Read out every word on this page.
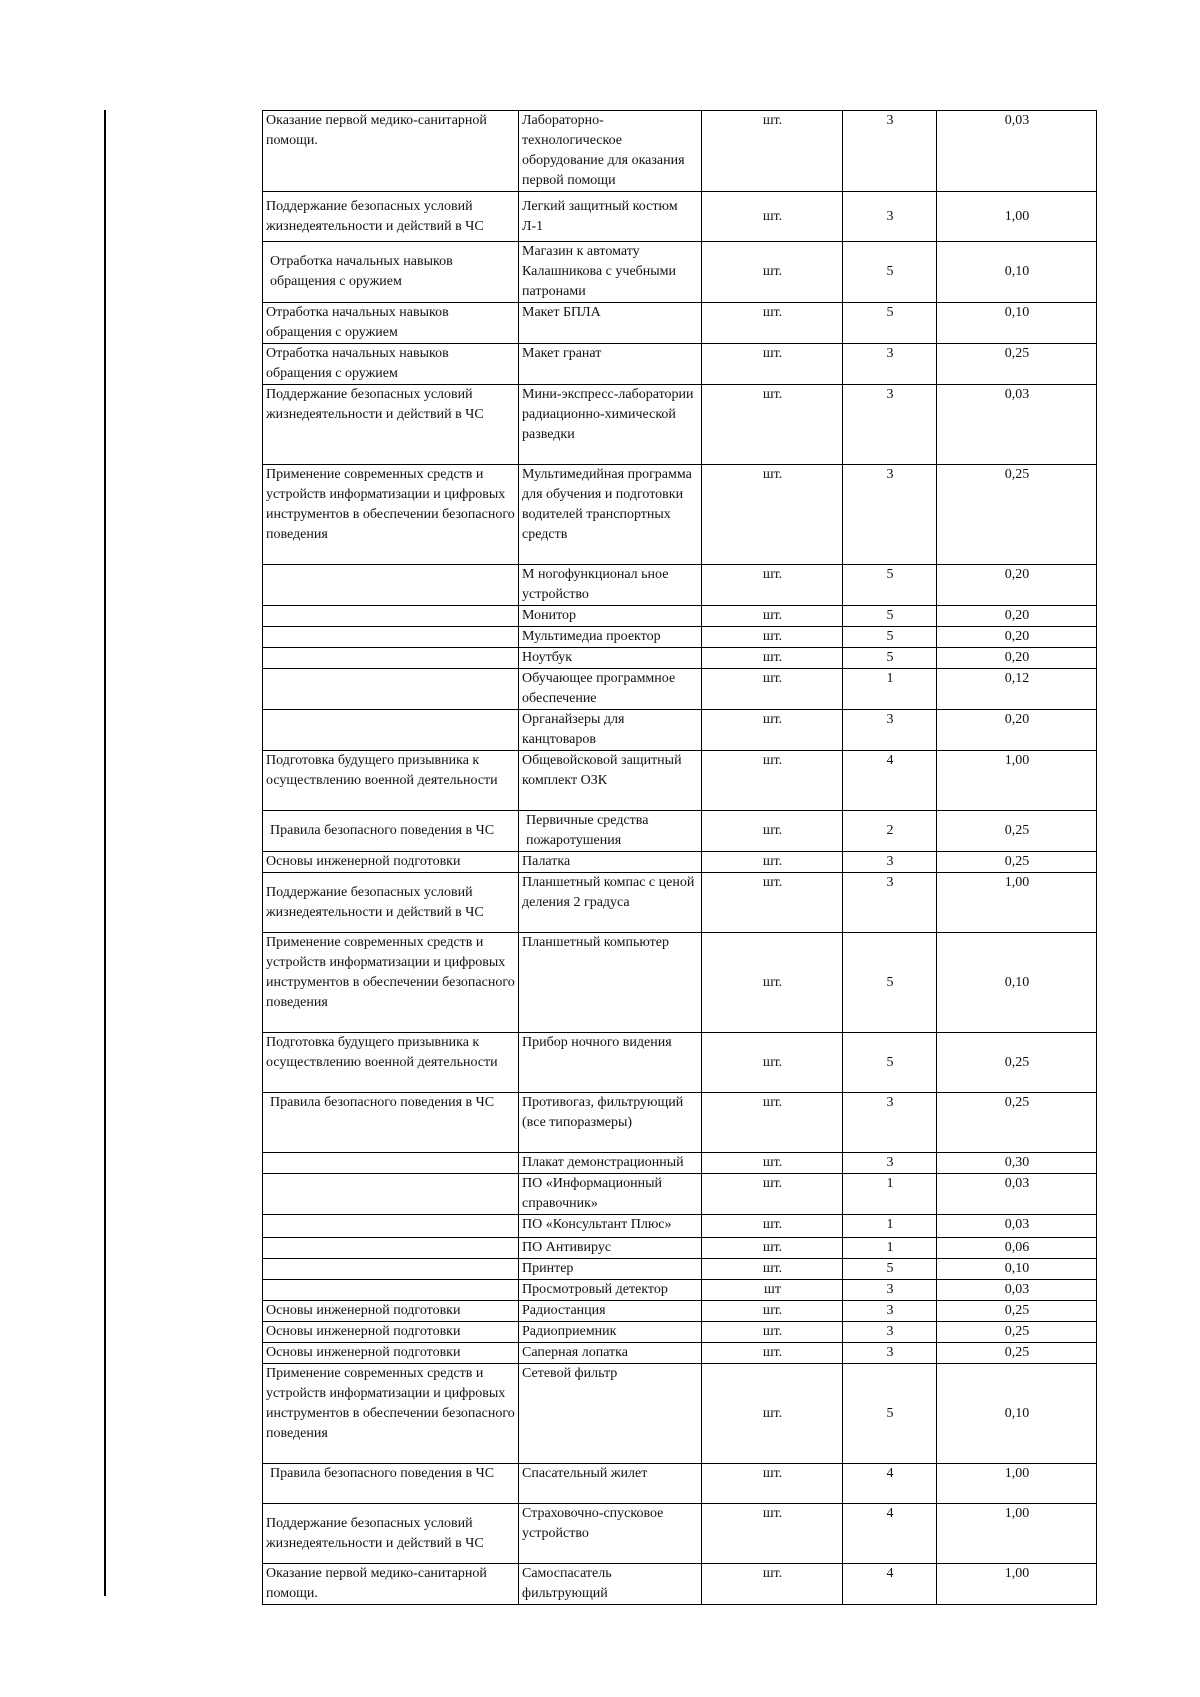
Оказание первой медико-санитарной помощи.	Лабораторно-технологическое оборудование для оказания первой помощи	шт.	3	0,03
Поддержание безопасных условий жизнедеятельности и действий в ЧС	Легкий защитный костюм Л-1	шт.	3	1,00
Отработка начальных навыков обращения с оружием	Магазин к автомату Калашникова с учебными патронами	шт.	5	0,10
Отработка начальных навыков обращения с оружием	Макет БПЛА	шт.	5	0,10
Отработка начальных навыков обращения с оружием	Макет гранат	шт.	3	0,25
Поддержание безопасных условий жизнедеятельности и действий в ЧС	Мини-экспресс-лаборатории радиационно-химической разведки	шт.	3	0,03
Применение современных средств и устройств информатизации и цифровых инструментов в обеспечении безопасного поведения	Мультимедийная программа для обучения и подготовки водителей транспортных средств	шт.	3	0,25
	М ногофункционал ьное устройство	шт.	5	0,20
	Монитор	шт.	5	0,20
	Мультимедиа проектор	шт.	5	0,20
	Ноутбук	шт.	5	0,20
	Обучающее программное обеспечение	шт.	1	0,12
	Органайзеры для канцтоваров	шт.	3	0,20
Подготовка будущего призывника к осуществлению военной деятельности	Общевойсковой защитный комплект ОЗК	шт.	4	1,00
Правила безопасного поведения в ЧС	Первичные средства пожаротушения	шт.	2	0,25
Основы инженерной подготовки	Палатка	шт.	3	0,25
Поддержание безопасных условий жизнедеятельности и действий в ЧС	Планшетный компас с ценой деления 2 градуса	шт.	3	1,00
Применение современных средств и устройств информатизации и цифровых инструментов в обеспечении безопасного поведения	Планшетный компьютер	шт.	5	0,10
Подготовка будущего призывника к осуществлению военной деятельности	Прибор ночного видения	шт.	5	0,25
Правила безопасного поведения в ЧС	Противогаз, фильтрующий (все типоразмеры)	шт.	3	0,25
	Плакат демонстрационный	шт.	3	0,30
	ПО «Информационный справочник»	шт.	1	0,03
	ПО «Консультант Плюс»	шт.	1	0,03
	ПО Антивирус	шт.	1	0,06
	Принтер	шт.	5	0,10
	Просмотровый детектор	шт	3	0,03
Основы инженерной подготовки	Радиостанция	шт.	3	0,25
Основы инженерной подготовки	Радиоприемник	шт.	3	0,25
Основы инженерной подготовки	Саперная лопатка	шт.	3	0,25
Применение современных средств и устройств информатизации и цифровых инструментов в обеспечении безопасного поведения	Сетевой фильтр	шт.	5	0,10
Правила безопасного поведения в ЧС	Спасательный жилет	шт.	4	1,00
Поддержание безопасных условий жизнедеятельности и действий в ЧС	Страховочно-спусковое устройство	шт.	4	1,00
Оказание первой медико-санитарной помощи.	Самоспасатель фильтрующий	шт.	4	1,00
